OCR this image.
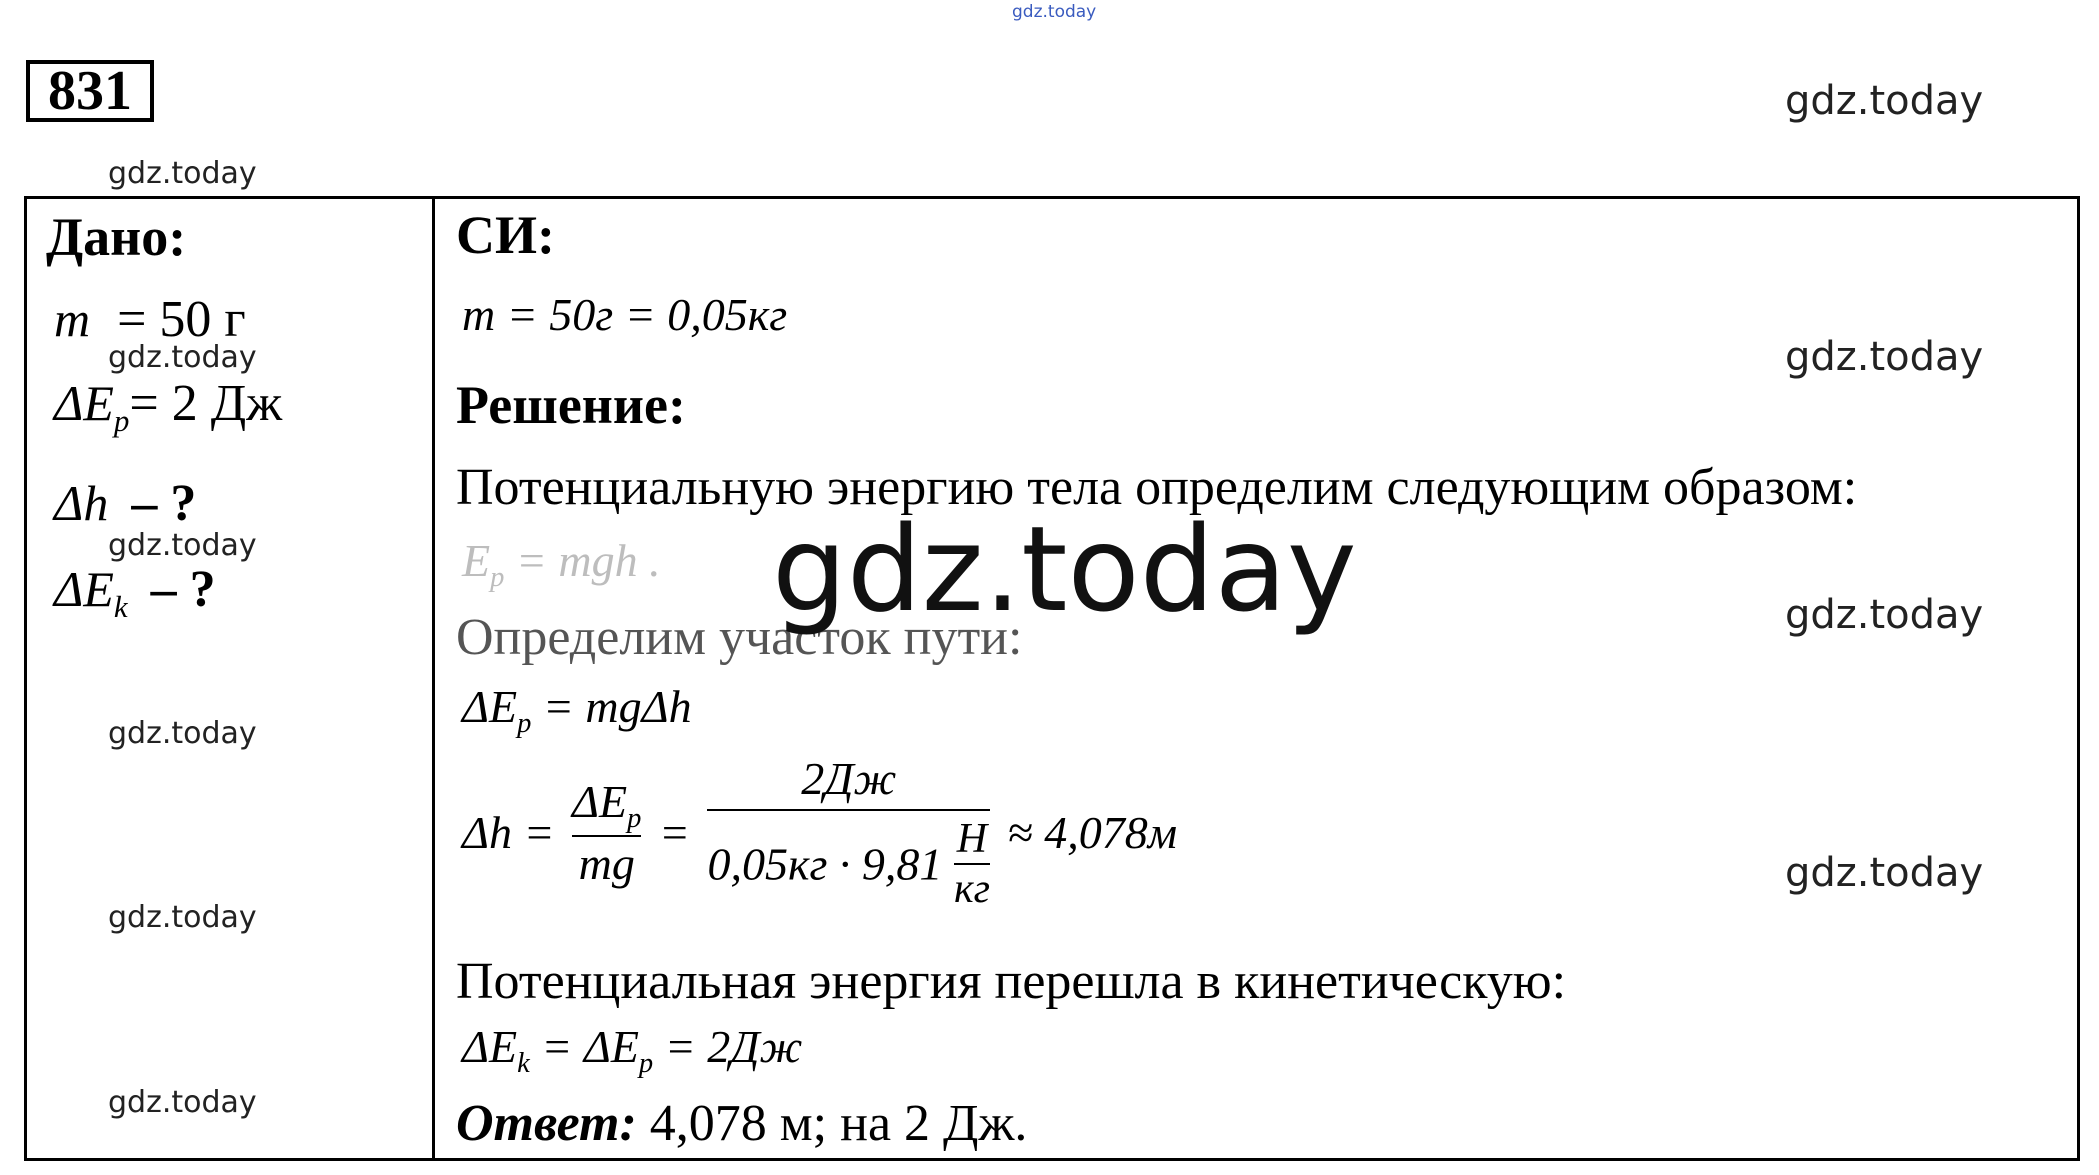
gdz.today
gdz.today
gdz.today
831
Дано:
m = 50 г
$\Delta E_p= 2$ Дж
Δh – ?
$\Delta E_k$ – ?
gdz.today
gdz.today
gdz.today
gdz.today
gdz.today
СИ:
m = 50г = 0,05кг
Решение:
Потенциальную энергию тела определим следующим образом:
$E_p$ = mgh .
Определим участок пути:
$\Delta E_p = mg\Delta h$
$\Delta h = \frac{\Delta E_p}{mg} = \frac{2Дж}{0,05кг \cdot 9,81 \frac{Н}{кг}} \approx 4,078м$
Потенциальная энергия перешла в кинетическую:
$\Delta E_k = \Delta E_p = 2Дж$
Ответ: 4,078 м; на 2 Дж.
gdz.today
gdz.today
gdz.today
gdz.today
